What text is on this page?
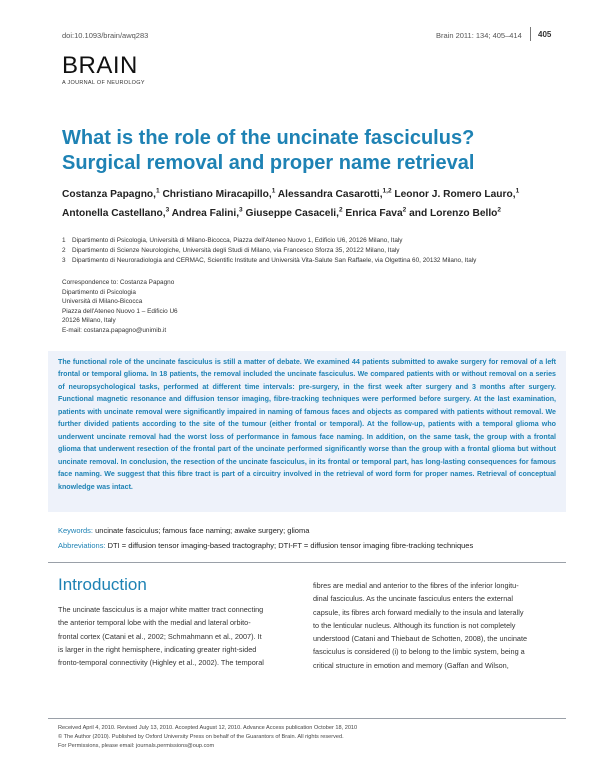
doi:10.1093/brain/awq283	Brain 2011: 134; 405–414 405
BRAIN
A JOURNAL OF NEUROLOGY
What is the role of the uncinate fasciculus?
Surgical removal and proper name retrieval
Costanza Papagno,$^1$ Christiano Miracapillo,$^1$ Alessandra Casarotti,$^{1,2}$ Leonor J. Romero Lauro,$^1$
Antonella Castellano,$^3$ Andrea Falini,$^3$ Giuseppe Casaceli,$^2$ Enrica Fava$^2$ and Lorenzo Bello$^2$
1 Dipartimento di Psicologia, Università di Milano-Bicocca, Piazza dell'Ateneo Nuovo 1, Edificio U6, 20126 Milano, Italy
2 Dipartimento di Scienze Neurologiche, Università degli Studi di Milano, via Francesco Sforza 35, 20122 Milano, Italy
3 Dipartimento di Neuroradiologia and CERMAC, Scientific Institute and Università Vita-Salute San Raffaele, via Olgettina 60, 20132 Milano, Italy
Correspondence to: Costanza Papagno
Dipartimento di Psicologia
Università di Milano-Bicocca
Piazza dell'Ateneo Nuovo 1 – Edificio U6
20126 Milano, Italy
E-mail: costanza.papagno@unimib.it
The functional role of the uncinate fasciculus is still a matter of debate. We examined 44 patients submitted to awake surgery for removal of a left frontal or temporal glioma. In 18 patients, the removal included the uncinate fasciculus. We compared patients with or without removal on a series of neuropsychological tasks, performed at different time intervals: pre-surgery, in the first week after surgery and 3 months after surgery. Functional magnetic resonance and diffusion tensor imaging, fibre-tracking techniques were performed before surgery. At the last examination, patients with uncinate removal were significantly impaired in naming of famous faces and objects as compared with patients without removal. We further divided patients according to the site of the tumour (either frontal or temporal). At the follow-up, patients with a temporal glioma who underwent uncinate removal had the worst loss of performance in famous face naming. In addition, on the same task, the group with a frontal glioma that underwent resection of the frontal part of the uncinate performed significantly worse than the group with a frontal glioma but without uncinate removal. In conclusion, the resection of the uncinate fasciculus, in its frontal or temporal part, has long-lasting consequences for famous face naming. We suggest that this fibre tract is part of a circuitry involved in the retrieval of word form for proper names. Retrieval of conceptual knowledge was intact.
Keywords: uncinate fasciculus; famous face naming; awake surgery; glioma
Abbreviations: DTI = diffusion tensor imaging-based tractography; DTI-FT = diffusion tensor imaging fibre-tracking techniques
Introduction
The uncinate fasciculus is a major white matter tract connecting
the anterior temporal lobe with the medial and lateral orbito-
frontal cortex (Catani et al., 2002; Schmahmann et al., 2007). It
is larger in the right hemisphere, indicating greater right-sided
fronto-temporal connectivity (Highley et al., 2002). The temporal
fibres are medial and anterior to the fibres of the inferior longitu-
dinal fasciculus. As the uncinate fasciculus enters the external
capsule, its fibres arch forward medially to the insula and laterally
to the lenticular nucleus. Although its function is not completely
understood (Catani and Thiebaut de Schotten, 2008), the uncinate
fasciculus is considered (i) to belong to the limbic system, being a
critical structure in emotion and memory (Gaffan and Wilson,
Received April 4, 2010. Revised July 13, 2010. Accepted August 12, 2010. Advance Access publication October 18, 2010
© The Author (2010). Published by Oxford University Press on behalf of the Guarantors of Brain. All rights reserved.
For Permissions, please email: journals.permissions@oup.com
